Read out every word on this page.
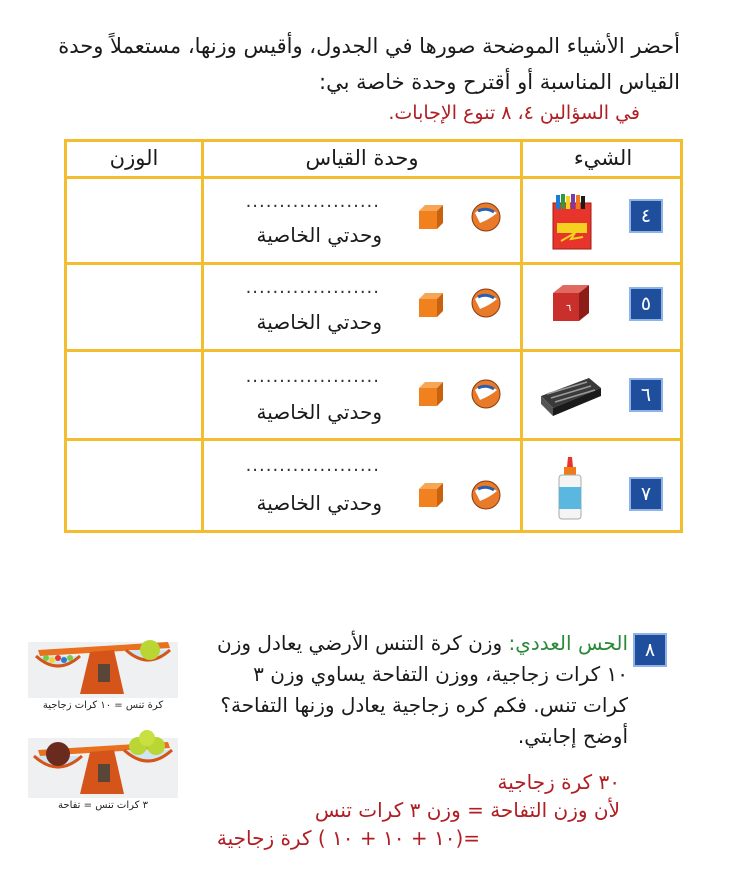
أحضر الأشياء الموضحة صورها في الجدول، وأقيس وزنها، مستعملاً وحدة القياس المناسبة أو أقترح وحدة خاصة بي:
في السؤالين ٤، ٨ تنوع الإجابات.
الشيء
وحدة القياس
الوزن
٤
....................
وحدتي الخاصية
٥
٦
....................
وحدتي الخاصية
٦
....................
وحدتي الخاصية
٧
....................
وحدتي الخاصية
٨
الحس العددي: وزن كرة التنس الأرضي يعادل وزن ١٠ كرات زجاجية، ووزن التفاحة يساوي وزن ٣ كرات تنس. فكم كره زجاجية يعادل وزنها التفاحة؟ أوضح إجابتي.
٣٠ كرة زجاجية
لأن وزن التفاحة = وزن ٣ كرات تنس
=(١٠ + ١٠ + ١٠ ) كرة زجاجية
كرة تنس = ١٠ كرات زجاجية
٣ كرات تنس = تفاحة
